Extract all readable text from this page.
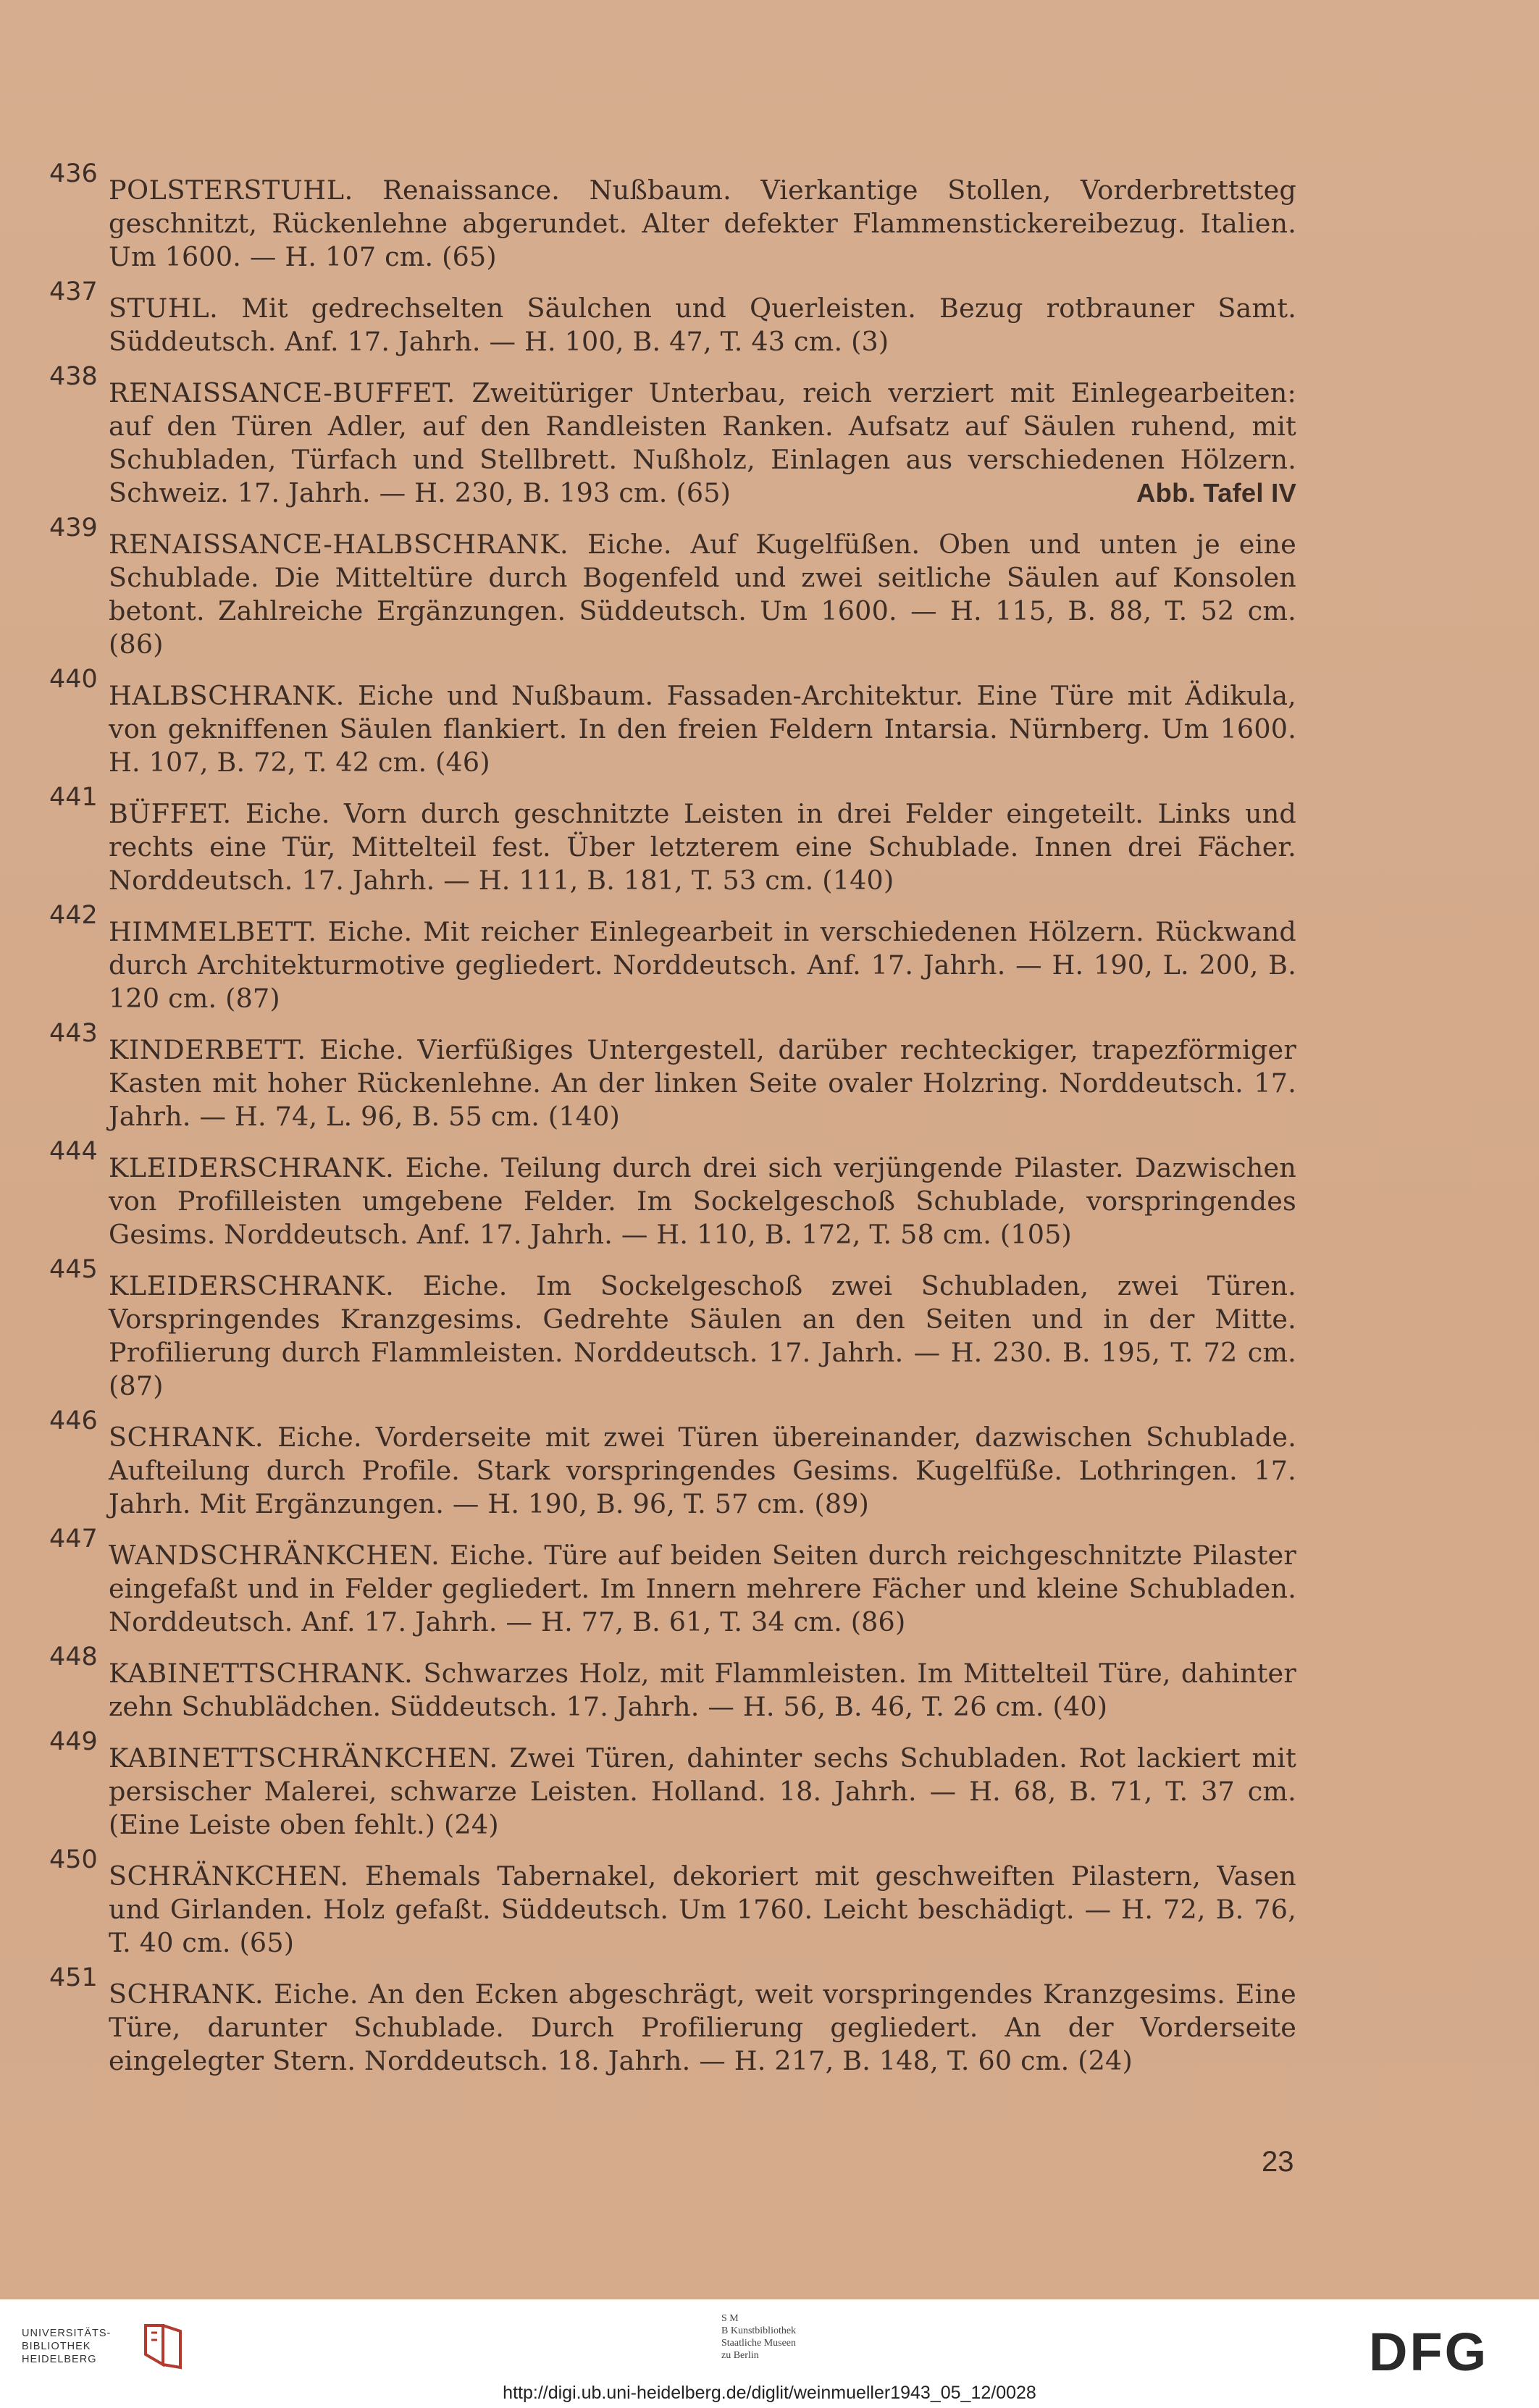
436

POLSTERSTUHL. Renaissance. Nußbaum. Vierkantige Stollen, Vorderbrettsteg geschnitzt, Rückenlehne abgerundet. Alter defekter Flammenstickereibezug. Italien. Um 1600. — H. 107 cm. (65)

437

STUHL. Mit gedrechselten Säulchen und Querleisten. Bezug rotbrauner Samt. Süddeutsch. Anf. 17. Jahrh. — H. 100, B. 47, T. 43 cm. (3)

438

RENAISSANCE-BUFFET. Zweitüriger Unterbau, reich verziert mit Einlegearbeiten: auf den Türen Adler, auf den Randleisten Ranken. Aufsatz auf Säulen ruhend, mit Schubladen, Türfach und Stellbrett. Nußholz, Einlagen aus verschiedenen Hölzern. Schweiz. 17. Jahrh. — H. 230, B. 193 cm. (65)	Abb. Tafel IV

439

RENAISSANCE-HALBSCHRANK. Eiche. Auf Kugelfüßen. Oben und unten je eine Schublade. Die Mitteltüre durch Bogenfeld und zwei seitliche Säulen auf Konsolen betont. Zahlreiche Ergänzungen. Süddeutsch. Um 1600. — H. 115, B. 88, T. 52 cm. (86)

440

HALBSCHRANK. Eiche und Nußbaum. Fassaden-Architektur. Eine Türe mit Ädikula, von gekniffenen Säulen flankiert. In den freien Feldern Intarsia. Nürnberg. Um 1600. H. 107, B. 72, T. 42 cm. (46)

441

BÜFFET. Eiche. Vorn durch geschnitzte Leisten in drei Felder eingeteilt. Links und rechts eine Tür, Mittelteil fest. Über letzterem eine Schublade. Innen drei Fächer. Norddeutsch. 17. Jahrh. — H. 111, B. 181, T. 53 cm. (140)

442

HIMMELBETT. Eiche. Mit reicher Einlegearbeit in verschiedenen Hölzern. Rückwand durch Architekturmotive gegliedert. Norddeutsch. Anf. 17. Jahrh. — H. 190, L. 200, B. 120 cm. (87)

443

KINDERBETT. Eiche. Vierfüßiges Untergestell, darüber rechteckiger, trapezförmiger Kasten mit hoher Rückenlehne. An der linken Seite ovaler Holzring. Norddeutsch. 17. Jahrh. — H. 74, L. 96, B. 55 cm. (140)

444

KLEIDERSCHRANK. Eiche. Teilung durch drei sich verjüngende Pilaster. Dazwischen von Profilleisten umgebene Felder. Im Sockelgeschoß Schublade, vorspringendes Gesims. Norddeutsch. Anf. 17. Jahrh. — H. 110, B. 172, T. 58 cm. (105)

445

KLEIDERSCHRANK. Eiche. Im Sockelgeschoß zwei Schubladen, zwei Türen. Vorspringendes Kranzgesims. Gedrehte Säulen an den Seiten und in der Mitte. Profilierung durch Flammleisten. Norddeutsch. 17. Jahrh. — H. 230. B. 195, T. 72 cm. (87)

446

SCHRANK. Eiche. Vorderseite mit zwei Türen übereinander, dazwischen Schublade. Aufteilung durch Profile. Stark vorspringendes Gesims. Kugelfüße. Lothringen. 17. Jahrh. Mit Ergänzungen. — H. 190, B. 96, T. 57 cm. (89)

447

WANDSCHRÄNKCHEN. Eiche. Türe auf beiden Seiten durch reichgeschnitzte Pilaster eingefaßt und in Felder gegliedert. Im Innern mehrere Fächer und kleine Schubladen. Norddeutsch. Anf. 17. Jahrh. — H. 77, B. 61, T. 34 cm. (86)

448

KABINETTSCHRANK. Schwarzes Holz, mit Flammleisten. Im Mittelteil Türe, dahinter zehn Schublädchen. Süddeutsch. 17. Jahrh. — H. 56, B. 46, T. 26 cm. (40)

449

KABINETTSCHRÄNKCHEN. Zwei Türen, dahinter sechs Schubladen. Rot lackiert mit persischer Malerei, schwarze Leisten. Holland. 18. Jahrh. — H. 68, B. 71, T. 37 cm. (Eine Leiste oben fehlt.) (24)

450

SCHRÄNKCHEN. Ehemals Tabernakel, dekoriert mit geschweiften Pilastern, Vasen und Girlanden. Holz gefaßt. Süddeutsch. Um 1760. Leicht beschädigt. — H. 72, B. 76, T. 40 cm. (65)

451

SCHRANK. Eiche. An den Ecken abgeschrägt, weit vorspringendes Kranzgesims. Eine Türe, darunter Schublade. Durch Profilierung gegliedert. An der Vorderseite eingelegter Stern. Norddeutsch. 18. Jahrh. — H. 217, B. 148, T. 60 cm. (24)

23
UNIVERSITÄTS-
BIBLIOTHEK
HEIDELBERG
S M
B Kunstbibliothek
Staatliche Museen
zu Berlin	DFG
http://digi.ub.uni-heidelberg.de/diglit/weinmueller1943_05_12/0028
